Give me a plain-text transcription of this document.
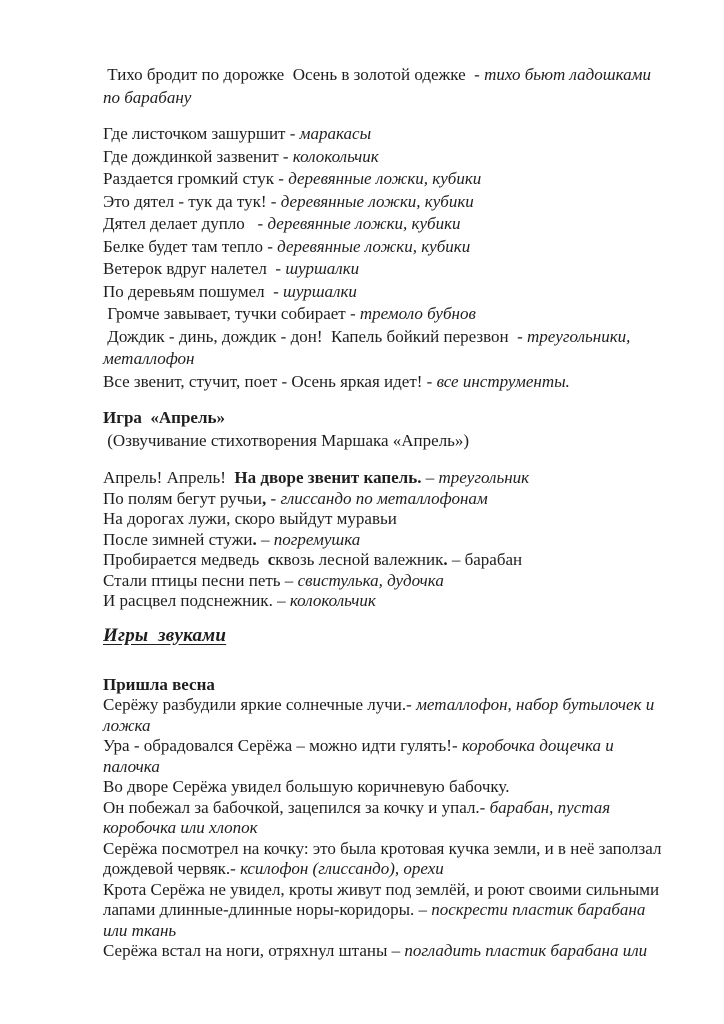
Тихо бродит по дорожке  Осень в золотой одежке  - тихо бьют ладошками
по барабану
Где листочком зашуршит - маракасы
Где дождинкой зазвенит - колокольчик
Раздается громкий стук - деревянные ложки, кубики
Это дятел - тук да тук! - деревянные ложки, кубики
Дятел делает дупло   - деревянные ложки, кубики
Белке будет там тепло - деревянные ложки, кубики
Ветерок вдруг налетел  - шуршалки
По деревьям пошумел  - шуршалки
Громче завывает, тучки собирает - тремоло бубнов
Дождик - динь, дождик - дон!  Капель бойкий перезвон  - треугольники,
металлофон
Все звенит, стучит, поет - Осень яркая идет! - все инструменты.
Игра  «Апрель»
(Озвучивание стихотворения Маршака «Апрель»)
Апрель! Апрель!  На дворе звенит капель. – треугольник
По полям бегут ручьи, - глиссандо по металлофонам
На дорогах лужи, скоро выйдут муравьи
После зимней стужи. – погремушка
Пробирается медведь  сквозь лесной валежник. – барабан
Стали птицы песни петь – свистулька, дудочка
И расцвел подснежник. – колокольчик
Игры  звуками
Пришла весна
Серёжу разбудили яркие солнечные лучи.- металлофон, набор бутылочек и
ложка
Ура - обрадовался Серёжа – можно идти гулять!- коробочка дощечка и
палочка
Во дворе Серёжа увидел большую коричневую бабочку.
Он побежал за бабочкой, зацепился за кочку и упал.- барабан, пустая
коробочка или хлопок
Серёжа посмотрел на кочку: это была кротовая кучка земли, и в неё заползал
дождевой червяк.- ксилофон (глиссандо), орехи
Крота Серёжа не увидел, кроты живут под землёй, и роют своими сильными
лапами длинные-длинные норы-коридоры. – поскрести пластик барабана
или ткань
Серёжа встал на ноги, отряхнул штаны – погладить пластик барабана или
